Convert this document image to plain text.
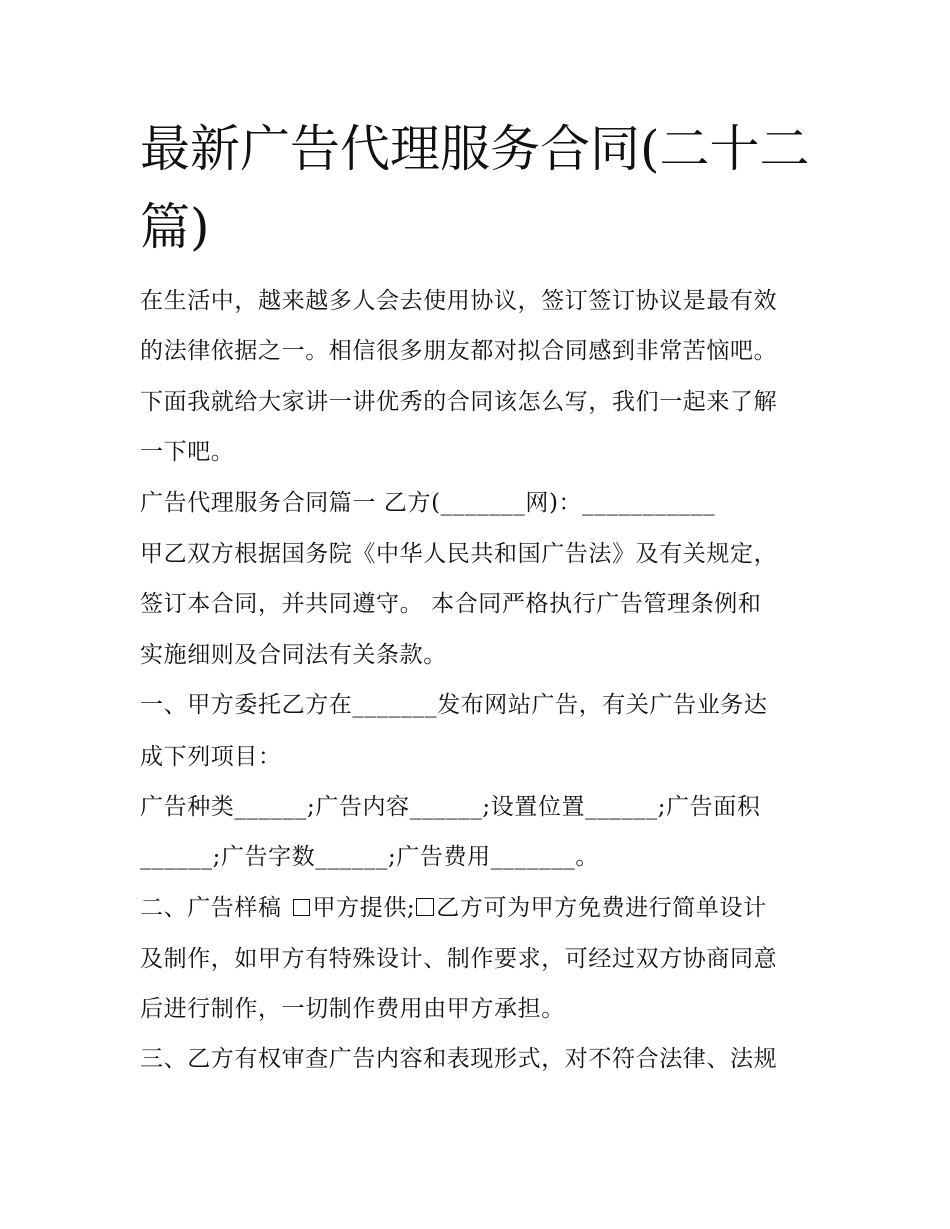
最新广告代理服务合同(二十二
篇)
在生活中，越来越多人会去使用协议，签订签订协议是最有效
的法律依据之一。相信很多朋友都对拟合同感到非常苦恼吧。
下面我就给大家讲一讲优秀的合同该怎么写，我们一起来了解
一下吧。
广告代理服务合同篇一 乙方(_______网)：___________
甲乙双方根据国务院《中华人民共和国广告法》及有关规定，
签订本合同，并共同遵守。 本合同严格执行广告管理条例和
实施细则及合同法有关条款。
一、甲方委托乙方在_______发布网站广告，有关广告业务达
成下列项目：
广告种类______;广告内容______;设置位置______;广告面积
______;广告字数______;广告费用_______。
二、广告样稿 甲方提供; 乙方可为甲方免费进行简单设计
及制作，如甲方有特殊设计、制作要求，可经过双方协商同意
后进行制作，一切制作费用由甲方承担。
三、乙方有权审查广告内容和表现形式，对不符合法律、法规
